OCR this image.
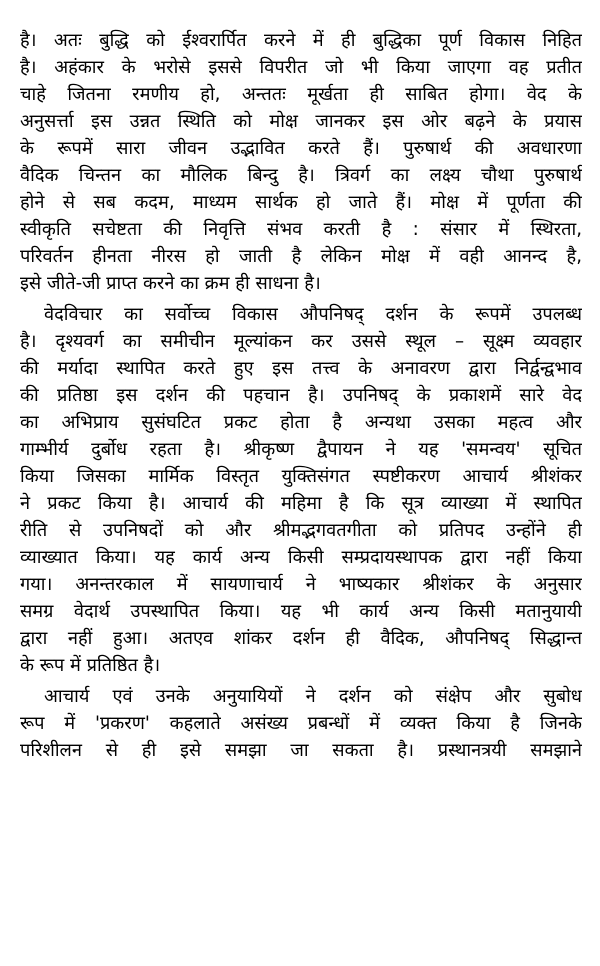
है। अतः बुद्धि को ईश्वरार्पित करने में ही बुद्धिका पूर्ण विकास निहित
है। अहंकार के भरोसे इससे विपरीत जो भी किया जाएगा वह प्रतीत
चाहे जितना रमणीय हो, अन्ततः मूर्खता ही साबित होगा। वेद के
अनुसर्त्ता इस उन्नत स्थिति को मोक्ष जानकर इस ओर बढ़ने के प्रयास
के रूपमें सारा जीवन उद्भावित करते हैं। पुरुषार्थ की अवधारणा
वैदिक चिन्तन का मौलिक बिन्दु है। त्रिवर्ग का लक्ष्य चौथा पुरुषार्थ
होने से सब कदम, माध्यम सार्थक हो जाते हैं। मोक्ष में पूर्णता की
स्वीकृति सचेष्टता की निवृत्ति संभव करती है : संसार में स्थिरता,
परिवर्तन हीनता नीरस हो जाती है लेकिन मोक्ष में वही आनन्द है,
इसे जीते-जी प्राप्त करने का क्रम ही साधना है।
वेदविचार का सर्वोच्च विकास औपनिषद् दर्शन के रूपमें उपलब्ध
है। दृश्यवर्ग का समीचीन मूल्यांकन कर उससे स्थूल – सूक्ष्म व्यवहार
की मर्यादा स्थापित करते हुए इस तत्त्व के अनावरण द्वारा निर्द्वन्द्वभाव
की प्रतिष्ठा इस दर्शन की पहचान है। उपनिषद् के प्रकाशमें सारे वेद
का अभिप्राय सुसंघटित प्रकट होता है अन्यथा उसका महत्व और
गाम्भीर्य दुर्बोध रहता है। श्रीकृष्ण द्वैपायन ने यह 'समन्वय' सूचित
किया जिसका मार्मिक विस्तृत युक्तिसंगत स्पष्टीकरण आचार्य श्रीशंकर
ने प्रकट किया है। आचार्य की महिमा है कि सूत्र व्याख्या में स्थापित
रीति से उपनिषदों को और श्रीमद्भगवतगीता को प्रतिपद उन्होंने ही
व्याख्यात किया। यह कार्य अन्य किसी सम्प्रदायस्थापक द्वारा नहीं किया
गया। अनन्तरकाल में सायणाचार्य ने भाष्यकार श्रीशंकर के अनुसार
समग्र वेदार्थ उपस्थापित किया। यह भी कार्य अन्य किसी मतानुयायी
द्वारा नहीं हुआ। अतएव शांकर दर्शन ही वैदिक, औपनिषद् सिद्धान्त
के रूप में प्रतिष्ठित है।
आचार्य एवं उनके अनुयायियों ने दर्शन को संक्षेप और सुबोध
रूप में 'प्रकरण' कहलाते असंख्य प्रबन्धों में व्यक्त किया है जिनके
परिशीलन से ही इसे समझा जा सकता है। प्रस्थानत्रयी समझाने
